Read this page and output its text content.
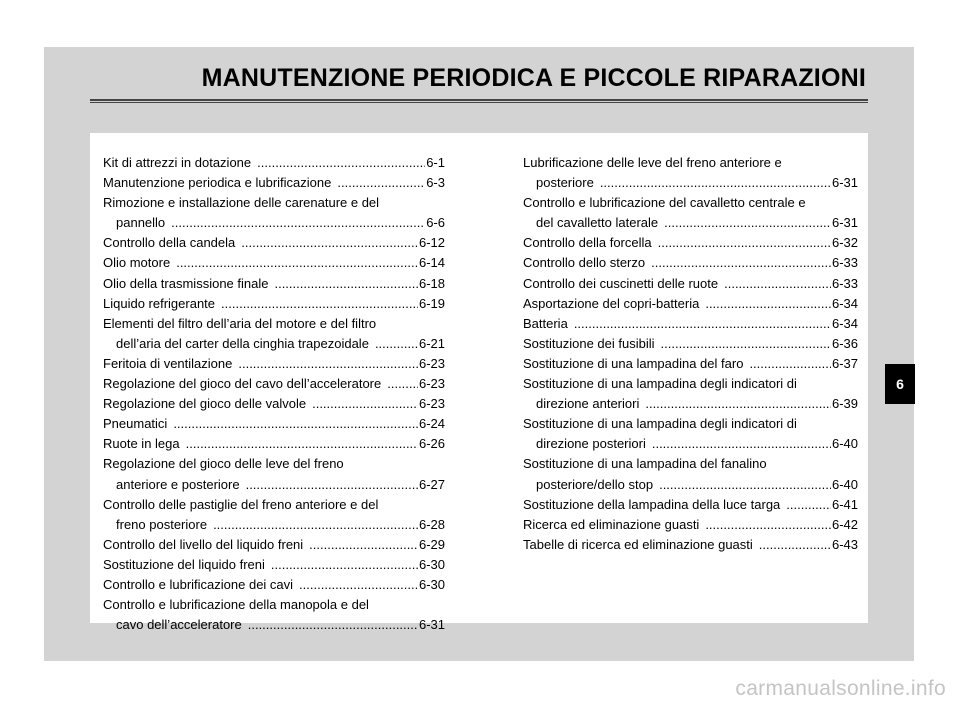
MANUTENZIONE PERIODICA E PICCOLE RIPARAZIONI
Kit di attrezzi in dotazione .....	6-1
Manutenzione periodica e lubrificazione .....	6-3
Rimozione e installazione delle carenature e del
pannello .....	6-6
Controllo della candela .....	6-12
Olio motore .....	6-14
Olio della trasmissione finale .....	6-18
Liquido refrigerante .....	6-19
Elementi del filtro dell’aria del motore e del filtro
dell’aria del carter della cinghia trapezoidale .....	6-21
Feritoia di ventilazione .....	6-23
Regolazione del gioco del cavo dell’acceleratore .....	6-23
Regolazione del gioco delle valvole .....	6-23
Pneumatici .....	6-24
Ruote in lega .....	6-26
Regolazione del gioco delle leve del freno
anteriore e posteriore .....	6-27
Controllo delle pastiglie del freno anteriore e del
freno posteriore .....	6-28
Controllo del livello del liquido freni .....	6-29
Sostituzione del liquido freni .....	6-30
Controllo e lubrificazione dei cavi .....	6-30
Controllo e lubrificazione della manopola e del
cavo dell’acceleratore .....	6-31
Lubrificazione delle leve del freno anteriore e
posteriore .....	6-31
Controllo e lubrificazione del cavalletto centrale e
del cavalletto laterale .....	6-31
Controllo della forcella .....	6-32
Controllo dello sterzo .....	6-33
Controllo dei cuscinetti delle ruote .....	6-33
Asportazione del copri-batteria .....	6-34
Batteria .....	6-34
Sostituzione dei fusibili .....	6-36
Sostituzione di una lampadina del faro .....	6-37
Sostituzione di una lampadina degli indicatori di
direzione anteriori .....	6-39
Sostituzione di una lampadina degli indicatori di
direzione posteriori .....	6-40
Sostituzione di una lampadina del fanalino
posteriore/dello stop .....	6-40
Sostituzione della lampadina della luce targa .....	6-41
Ricerca ed eliminazione guasti .....	6-42
Tabelle di ricerca ed eliminazione guasti .....	6-43
6
carmanualsonline.info
